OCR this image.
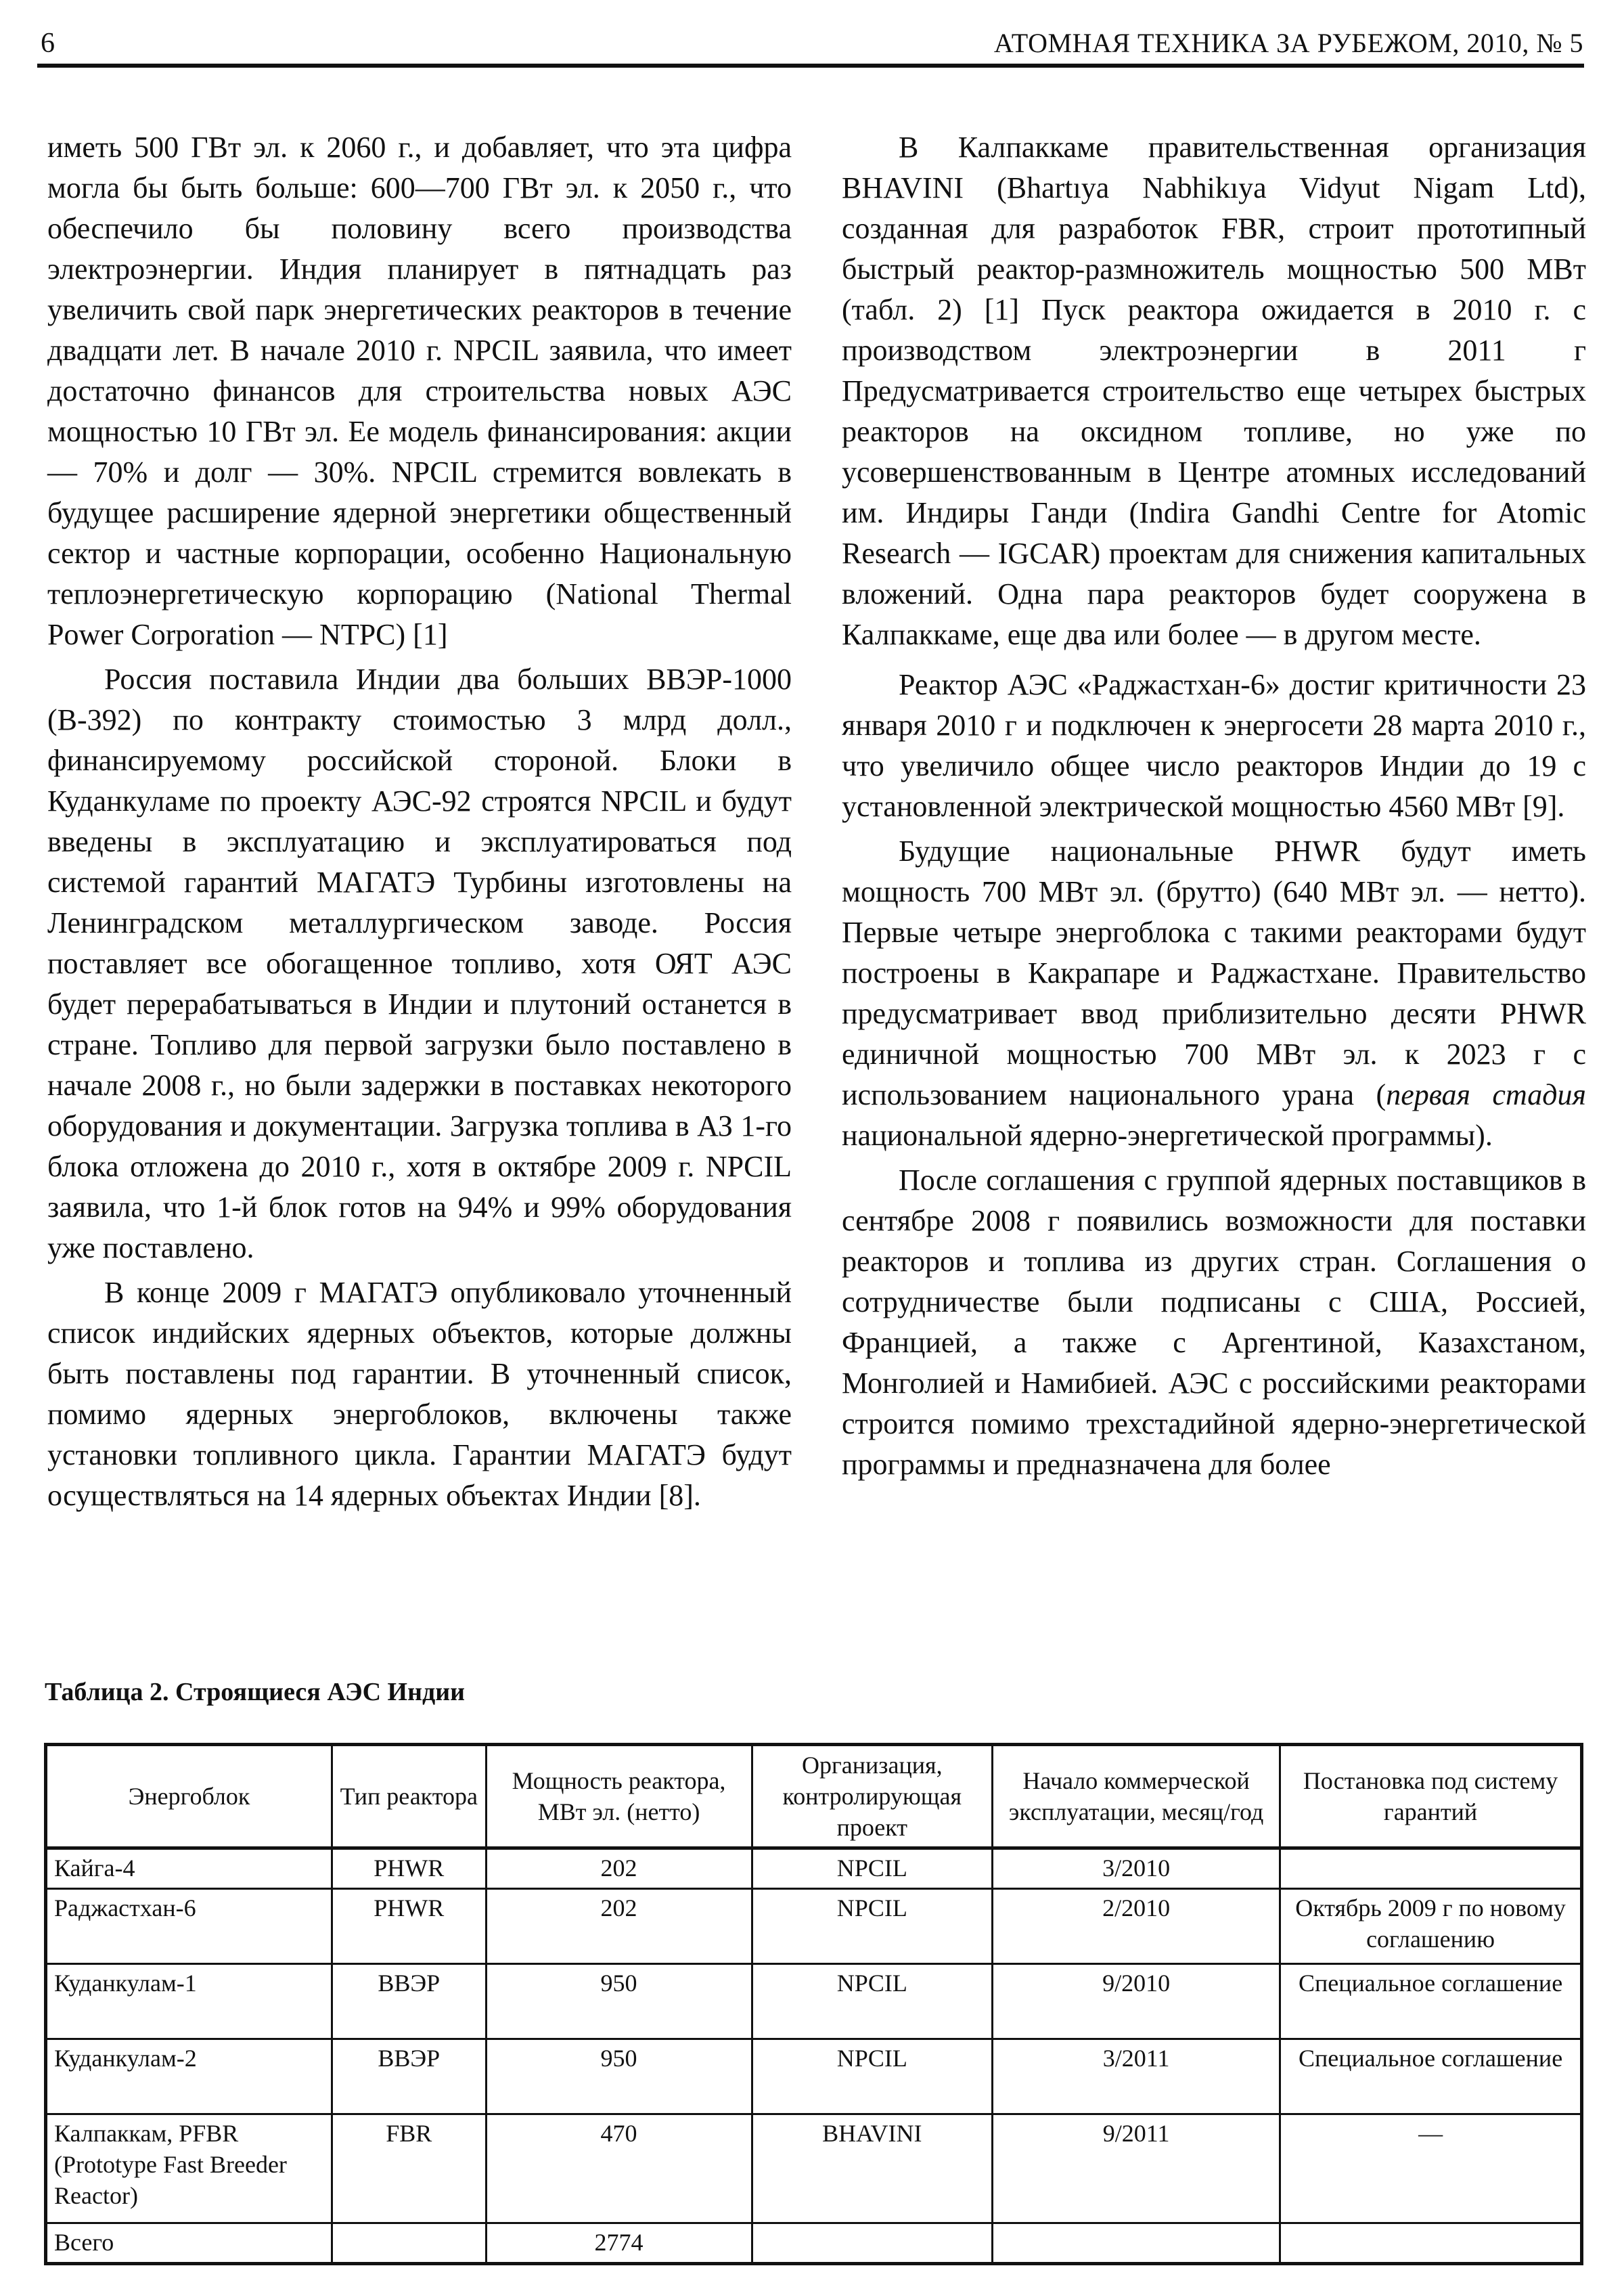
6	АТОМНАЯ ТЕХНИКА ЗА РУБЕЖОМ, 2010, № 5

иметь 500 ГВт эл. к 2060 г., и добавляет, что эта цифра могла бы быть больше: 600—700 ГВт эл. к 2050 г., что обеспечило бы половину всего производства электроэнергии. Индия планирует в пятнадцать раз увеличить свой парк энергетических реакторов в течение двадцати лет. В начале 2010 г. NPCIL заявила, что имеет достаточно финансов для строительства новых АЭС мощностью 10 ГВт эл. Ее модель финансирования: акции — 70% и долг — 30%. NPCIL стремится вовлекать в будущее расширение ядерной энергетики общественный сектор и частные корпорации, особенно Национальную теплоэнергетическую корпорацию (National Thermal Power Corporation — NTPC) [1]

Россия поставила Индии два больших ВВЭР-1000 (В-392) по контракту стоимостью 3 млрд долл., финансируемому российской стороной. Блоки в Куданкуламе по проекту АЭС-92 строятся NPCIL и будут введены в эксплуатацию и эксплуатироваться под системой гарантий МАГАТЭ Турбины изготовлены на Ленинградском металлургическом заводе. Россия поставляет все обогащенное топливо, хотя ОЯТ АЭС будет перерабатываться в Индии и плутоний останется в стране. Топливо для первой загрузки было поставлено в начале 2008 г., но были задержки в поставках некоторого оборудования и документации. Загрузка топлива в АЗ 1-го блока отложена до 2010 г., хотя в октябре 2009 г. NPCIL заявила, что 1-й блок готов на 94% и 99% оборудования уже поставлено.

В конце 2009 г МАГАТЭ опубликовало уточненный список индийских ядерных объектов, которые должны быть поставлены под гарантии. В уточненный список, помимо ядерных энергоблоков, включены также установки топливного цикла. Гарантии МАГАТЭ будут осуществляться на 14 ядерных объектах Индии [8].

В Калпаккаме правительственная организация BHAVINI (Bhartıya Nabhikıya Vidyut Nigam Ltd), созданная для разработок FBR, строит прототипный быстрый реактор-размножитель мощностью 500 МВт (табл. 2) [1] Пуск реактора ожидается в 2010 г. с производством электроэнергии в 2011 г Предусматривается строительство еще четырех быстрых реакторов на оксидном топливе, но уже по усовершенствованным в Центре атомных исследований им. Индиры Ганди (Indira Gandhi Centre for Atomic Research — IGCAR) проектам для снижения капитальных вложений. Одна пара реакторов будет сооружена в Калпаккаме, еще два или более — в другом месте.

Реактор АЭС «Раджастхан-6» достиг критичности 23 января 2010 г и подключен к энергосети 28 марта 2010 г., что увеличило общее число реакторов Индии до 19 с установленной электрической мощностью 4560 МВт [9].

Будущие национальные PHWR будут иметь мощность 700 МВт эл. (брутто) (640 МВт эл. — нетто). Первые четыре энергоблока с такими реакторами будут построены в Какрапаре и Раджастхане. Правительство предусматривает ввод приблизительно десяти PHWR единичной мощностью 700 МВт эл. к 2023 г с использованием национального урана (первая стадия национальной ядерно-энергетической программы).

После соглашения с группой ядерных поставщиков в сентябре 2008 г появились возможности для поставки реакторов и топлива из других стран. Соглашения о сотрудничестве были подписаны с США, Россией, Францией, а также с Аргентиной, Казахстаном, Монголией и Намибией. АЭС с российскими реакторами строится помимо трехстадийной ядерно-энергетической программы и предназначена для более

Таблица 2. Строящиеся АЭС Индии
Энергоблок	Тип реактора	Мощность реактора, МВт эл. (нетто)	Организация, контролирующая проект	Начало коммерческой эксплуатации, месяц/год	Постановка под систему гарантий
Кайга-4	PHWR	202	NPCIL	3/2010	
Раджастхан-6	PHWR	202	NPCIL	2/2010	Октябрь 2009 г по новому соглашению
Куданкулам-1	ВВЭР	950	NPCIL	9/2010	Специальное соглашение
Куданкулам-2	ВВЭР	950	NPCIL	3/2011	Специальное соглашение
Калпаккам, PFBR (Prototype Fast Breeder Reactor)	FBR	470	BHAVINI	9/2011	—
Всего		2774			
